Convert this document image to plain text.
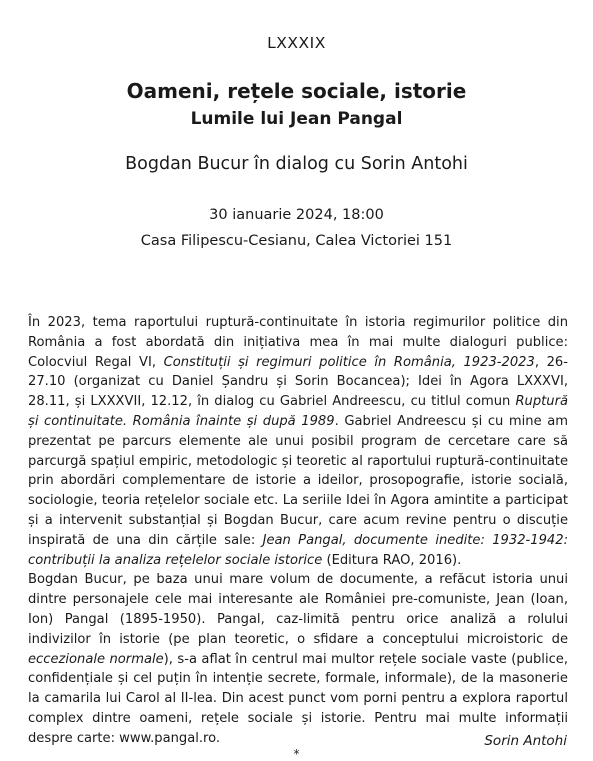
LXXXIX
Oameni, rețele sociale, istorie
Lumile lui Jean Pangal
Bogdan Bucur în dialog cu Sorin Antohi
30 ianuarie 2024, 18:00
Casa Filipescu-Cesianu, Calea Victoriei 151

În 2023, tema raportului ruptură-continuitate în istoria regimurilor politice din România a fost abordată din inițiativa mea în mai multe dialoguri publice: Colocviul Regal VI, Constituții și regimuri politice în România, 1923-2023, 26-27.10 (organizat cu Daniel Șandru și Sorin Bocancea); Idei în Agora LXXXVI, 28.11, și LXXXVII, 12.12, în dialog cu Gabriel Andreescu, cu titlul comun Ruptură și continuitate. România înainte și după 1989. Gabriel Andreescu și cu mine am prezentat pe parcurs elemente ale unui posibil program de cercetare care să parcurgă spațiul empiric, metodologic și teoretic al raportului ruptură-continuitate prin abordări complementare de istorie a ideilor, prosopografie, istorie socială, sociologie, teoria rețelelor sociale etc. La seriile Idei în Agora amintite a participat și a intervenit substanțial și Bogdan Bucur, care acum revine pentru o discuție inspirată de una din cărțile sale: Jean Pangal, documente inedite: 1932-1942: contribuții la analiza rețelelor sociale istorice (Editura RAO, 2016).

Bogdan Bucur, pe baza unui mare volum de documente, a refăcut istoria unui dintre personajele cele mai interesante ale României pre-comuniste, Jean (Ioan, Ion) Pangal (1895-1950). Pangal, caz-limită pentru orice analiză a rolului indivizilor în istorie (pe plan teoretic, o sfidare a conceptului microistoric de eccezionale normale), s-a aflat în centrul mai multor rețele sociale vaste (publice, confidențiale și cel puțin în intenție secrete, formale, informale), de la masonerie la camarila lui Carol al II-lea. Din acest punct vom porni pentru a explora raportul complex dintre oameni, rețele sociale și istorie. Pentru mai multe informații despre carte: www.pangal.ro.	Sorin Antohi
*
